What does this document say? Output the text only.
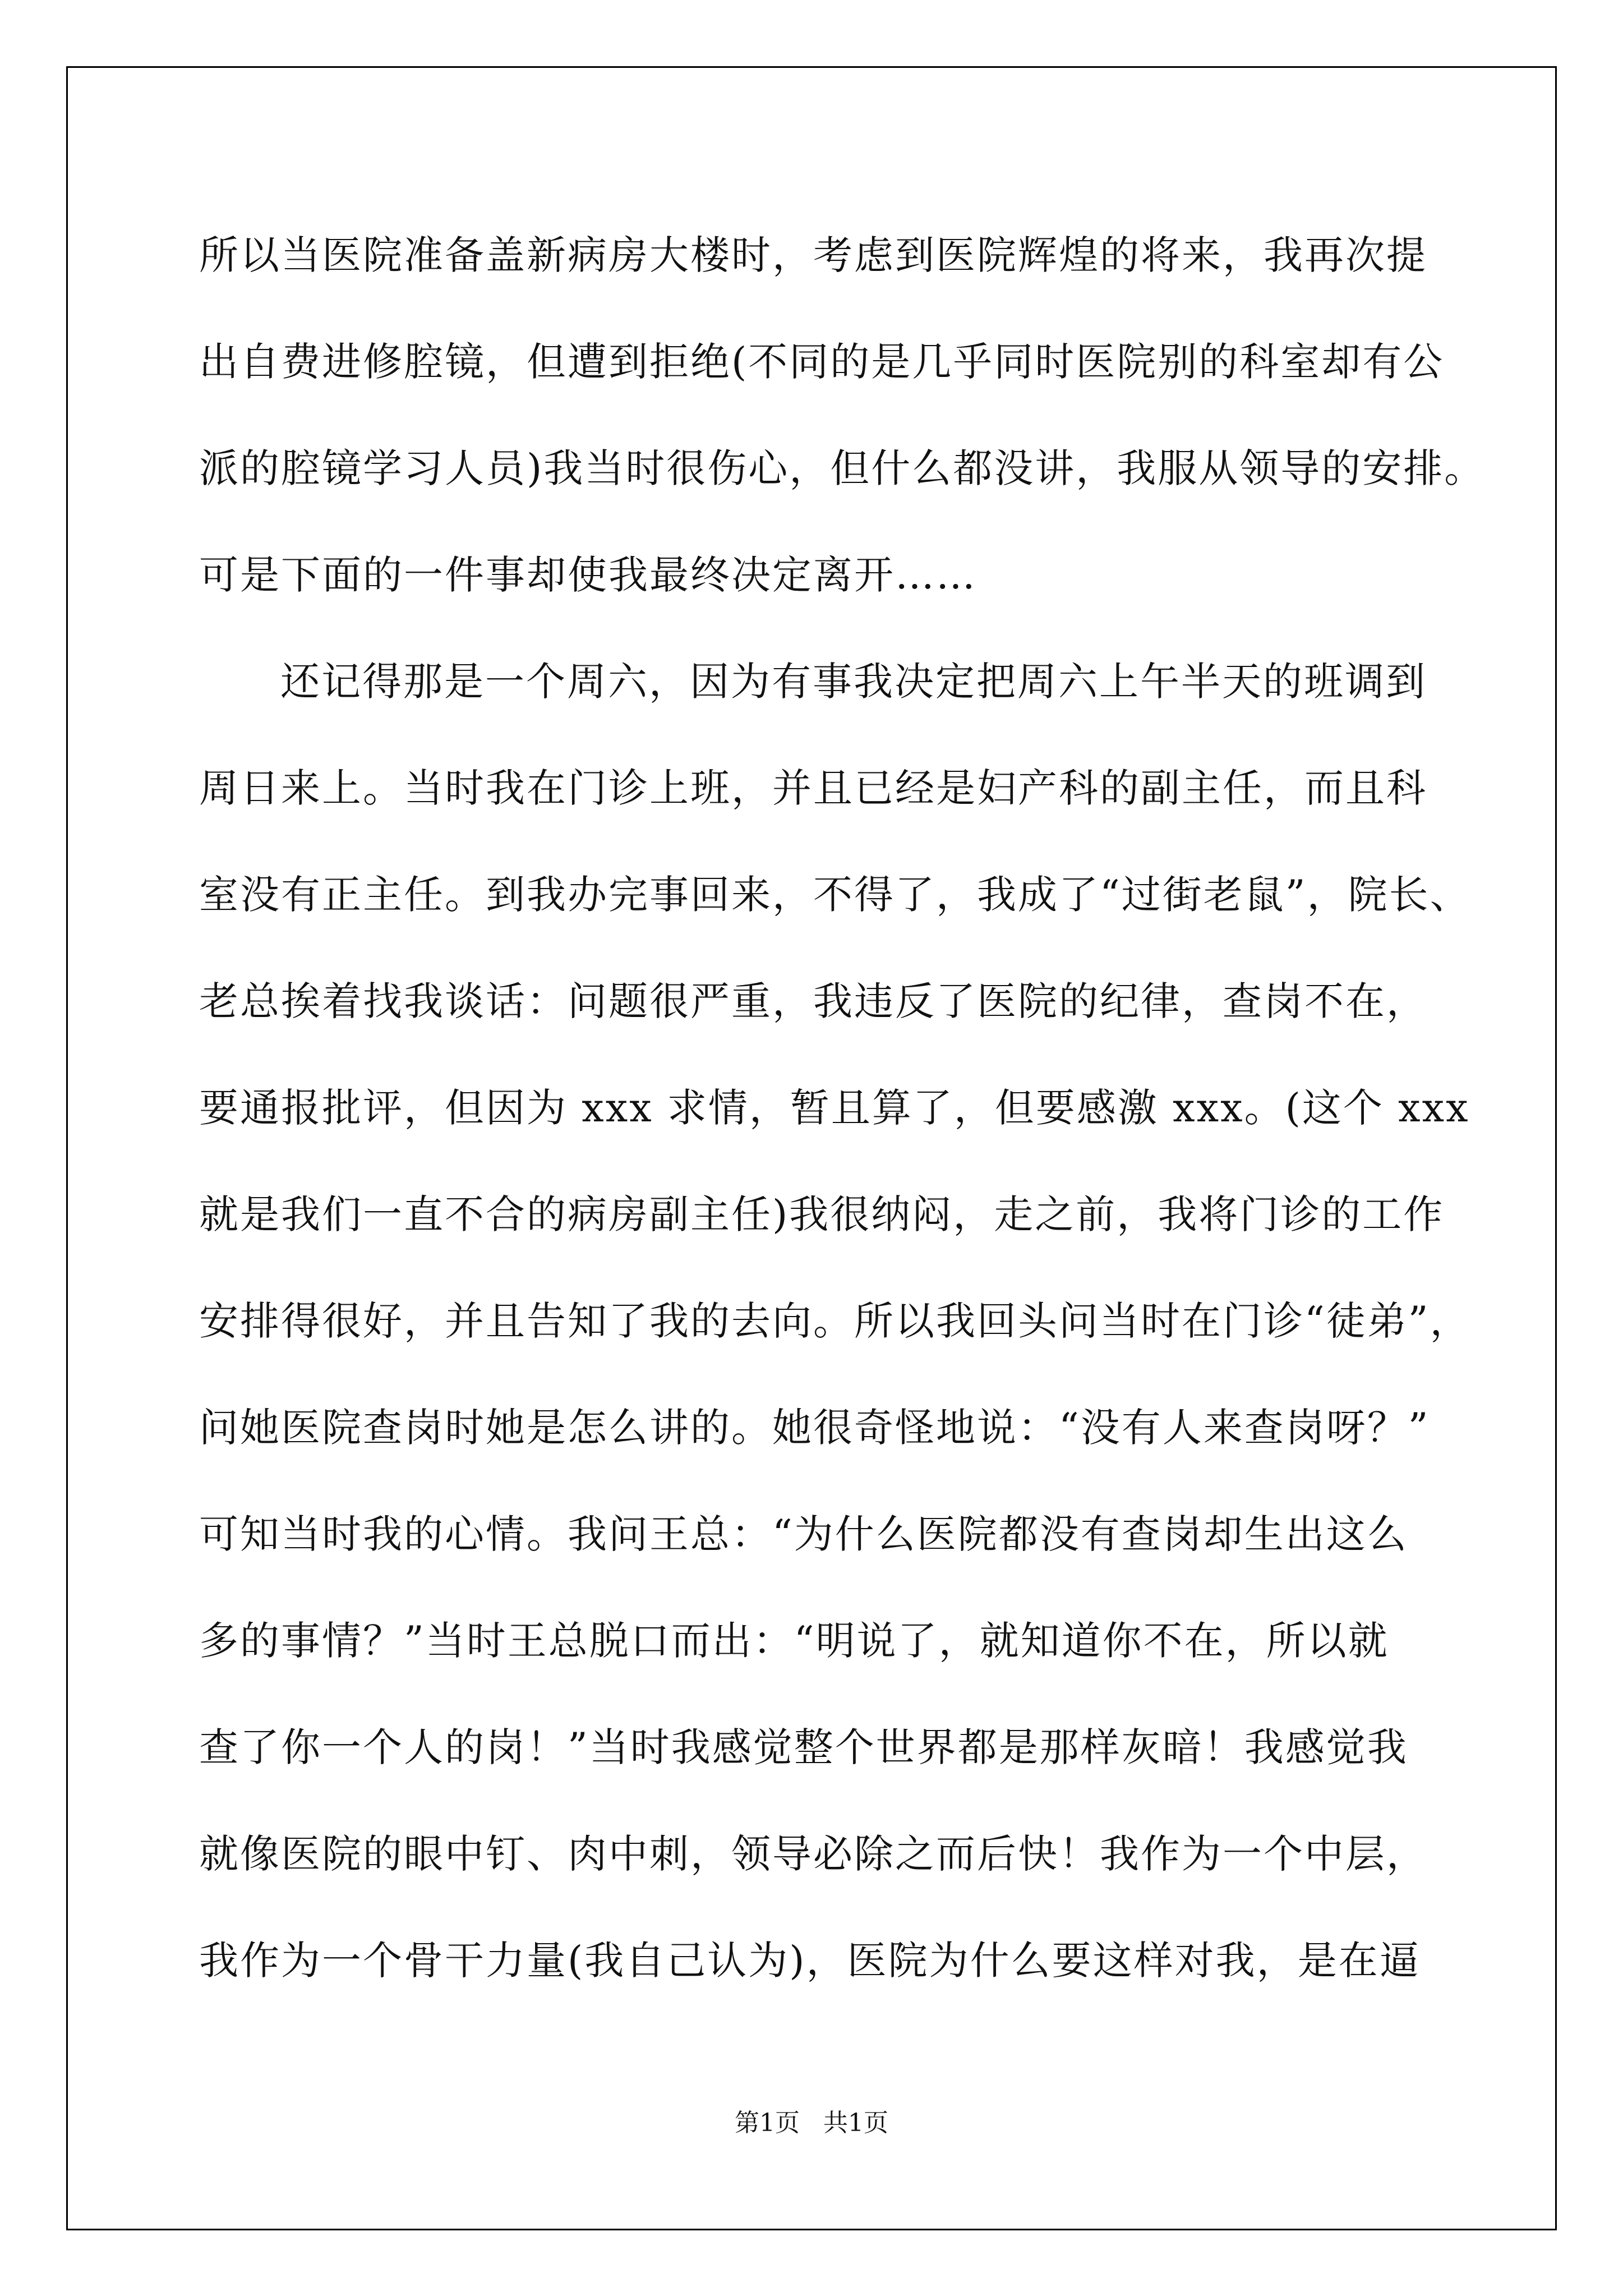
所以当医院准备盖新病房大楼时，考虑到医院辉煌的将来，我再次提
出自费进修腔镜，但遭到拒绝(不同的是几乎同时医院别的科室却有公
派的腔镜学习人员)我当时很伤心，但什么都没讲，我服从领导的安排。
可是下面的一件事却使我最终决定离开……
还记得那是一个周六，因为有事我决定把周六上午半天的班调到
周日来上。当时我在门诊上班，并且已经是妇产科的副主任，而且科
室没有正主任。到我办完事回来，不得了，我成了“过街老鼠”，院长、
老总挨着找我谈话：问题很严重，我违反了医院的纪律，查岗不在，
要通报批评，但因为 xxx 求情，暂且算了，但要感激 xxx。(这个 xxx
就是我们一直不合的病房副主任)我很纳闷，走之前，我将门诊的工作
安排得很好，并且告知了我的去向。所以我回头问当时在门诊“徒弟”，
问她医院查岗时她是怎么讲的。她很奇怪地说：“没有人来查岗呀？”
可知当时我的心情。我问王总：“为什么医院都没有查岗却生出这么
多的事情？”当时王总脱口而出：“明说了，就知道你不在，所以就
查了你一个人的岗！”当时我感觉整个世界都是那样灰暗！我感觉我
就像医院的眼中钉、肉中刺，领导必除之而后快！我作为一个中层，
我作为一个骨干力量(我自己认为)，医院为什么要这样对我，是在逼
第1页   共1页
